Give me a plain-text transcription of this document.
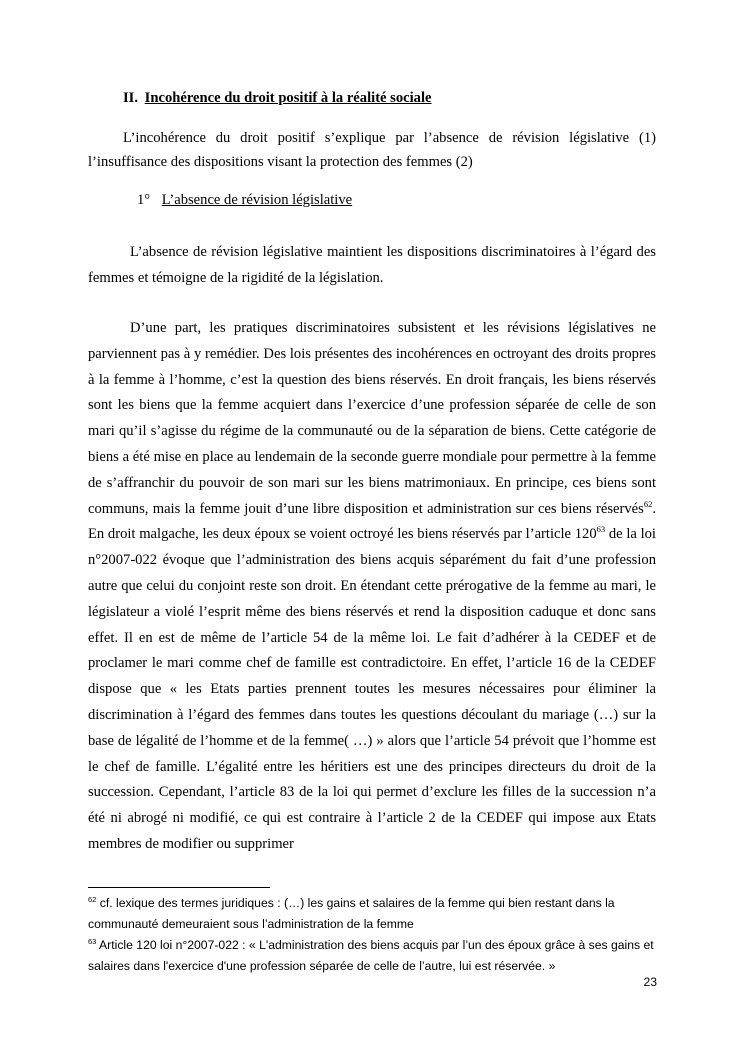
II. Incohérence du droit positif à la réalité sociale

L’incohérence du droit positif s’explique par l’absence de révision législative (1)

l’insuffisance des dispositions visant la protection des femmes (2)

1° L’absence de révision législative

L’absence de révision législative maintient les dispositions discriminatoires à l’égard des femmes et témoigne de la rigidité de la législation.

D’une part, les pratiques discriminatoires subsistent et les révisions législatives ne parviennent pas à y remédier. Des lois présentes des incohérences en octroyant des droits propres à la femme à l’homme, c’est la question des biens réservés. En droit français, les biens réservés sont les biens que la femme acquiert dans l’exercice d’une profession séparée de celle de son mari qu’il s’agisse du régime de la communauté ou de la séparation de biens. Cette catégorie de biens a été mise en place au lendemain de la seconde guerre mondiale pour permettre à la femme de s’affranchir du pouvoir de son mari sur les biens matrimoniaux. En principe, ces biens sont communs, mais la femme jouit d’une libre disposition et administration sur ces biens réservés$^{62}$. En droit malgache, les deux époux se voient octroyé les biens réservés par l’article $120^{63}$ de la loi n°2007-022 évoque que l’administration des biens acquis séparément du fait d’une profession autre que celui du conjoint reste son droit. En étendant cette prérogative de la femme au mari, le législateur a violé l’esprit même des biens réservés et rend la disposition caduque et donc sans effet. Il en est de même de l’article 54 de la même loi. Le fait d’adhérer à la CEDEF et de proclamer le mari comme chef de famille est contradictoire. En effet, l’article 16 de la CEDEF dispose que « les Etats parties prennent toutes les mesures nécessaires pour éliminer la discrimination à l’égard des femmes dans toutes les questions découlant du mariage (…) sur la base de légalité de l’homme et de la femme( …) » alors que l’article 54 prévoit que l’homme est le chef de famille. L’égalité entre les héritiers est une des principes directeurs du droit de la succession. Cependant, l’article 83 de la loi qui permet d’exclure les filles de la succession n’a été ni abrogé ni modifié, ce qui est contraire à l’article 2 de la CEDEF qui impose aux Etats membres de modifier ou supprimer

$^{62}$ cf. lexique des termes juridiques : (…) les gains et salaires de la femme qui bien restant dans la communauté demeuraient sous l’administration de la femme

$^{63}$ Article 120 loi n°2007-022 : « L'administration des biens acquis par l’un des époux grâce à ses gains et salaires dans l'exercice d'une profession séparée de celle de l’autre, lui est réservée. »

23
